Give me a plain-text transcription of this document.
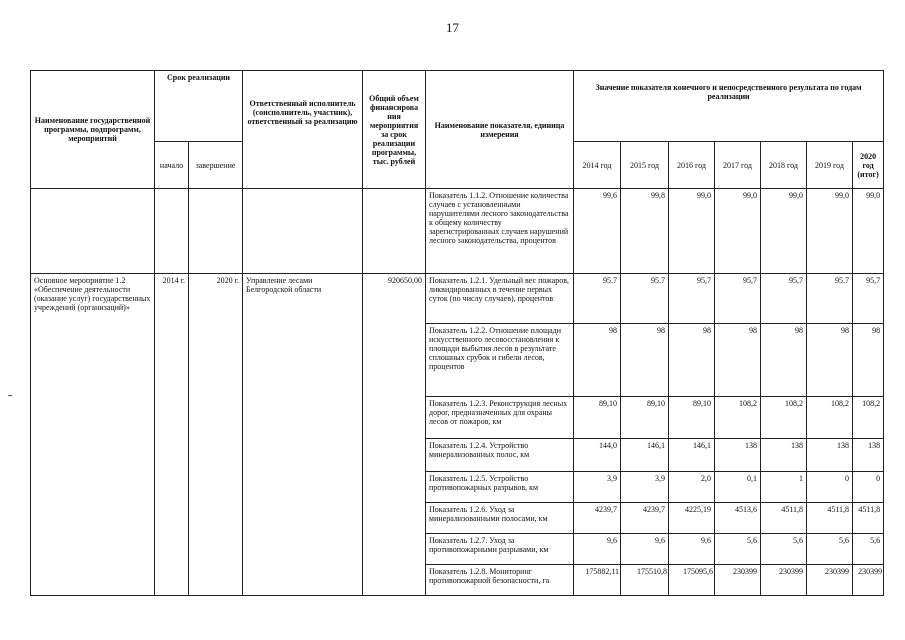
17
Наименование государственной программы, подпрограмм, мероприятий	Срок реализации		Ответственный исполнитель (соисполнитель, участник), ответственный за реализацию	Общий объем финансирова ния мероприятия за срок реализации программы, тыс. рублей	Наименование показателя, единица измерения	Значение показателя конечного и непосредственного результата по годам реализации						
	начало	завершение				2014 год	2015 год	2016 год	2017 год	2018 год	2019 год	2020 год (итог)
					Показатель 1.1.2. Отношение количества случаев с установленными нарушителями лесного законодательства к общему количеству зарегистрированных случаев нарушений лесного законодательства, процентов	99,6	99,8	99,0	99,0	99,0	99,0	99,0
Основное мероприятие 1.2 «Обеспечение деятельности (оказание услуг) государственных учреждений (организаций)»	2014 г.	2020 г.	Управление лесами Белгородской области	920650,00	Показатель 1.2.1. Удельный вес пожаров, ликвидированных в течение первых суток (по числу случаев), процентов	95.7	95.7	95,7	95,7	95,7	95.7	95,7
					Показатель 1.2.2. Отношение площади искусственного лесовосстановления к площади выбытия лесов в результате сплошных срубок и гибели лесов, процентов	98	98	98	98	98	98	98
					Показатель 1.2.3. Реконструкция лесных дорог, предназначенных для охраны лесов от пожаров, км	89,10	89,10	89,10	108,2	108,2	108,2	108,2
					Показатель 1.2.4. Устройство минерализованных полос, км	144,0	146,1	146,1	138	138	138	138
					Показатель 1.2.5. Устройство противопожарных разрывов, км	3,9	3,9	2,0	0,1	1	0	0
					Показатель 1.2.6. Уход за минерализованными полосами, км	4239,7	4239,7	4225,19	4513,6	4511,8	4511,8	4511,8
					Показатель 1.2.7. Уход за противопожарными разрывами, км	9,6	9,6	9,6	5,6	5,6	5,6	5,6
					Показатель 1.2.8. Мониторинг противопожарной безопасности, га	175882,11	175510,8	175095,6	230399	230399	230399	230399
